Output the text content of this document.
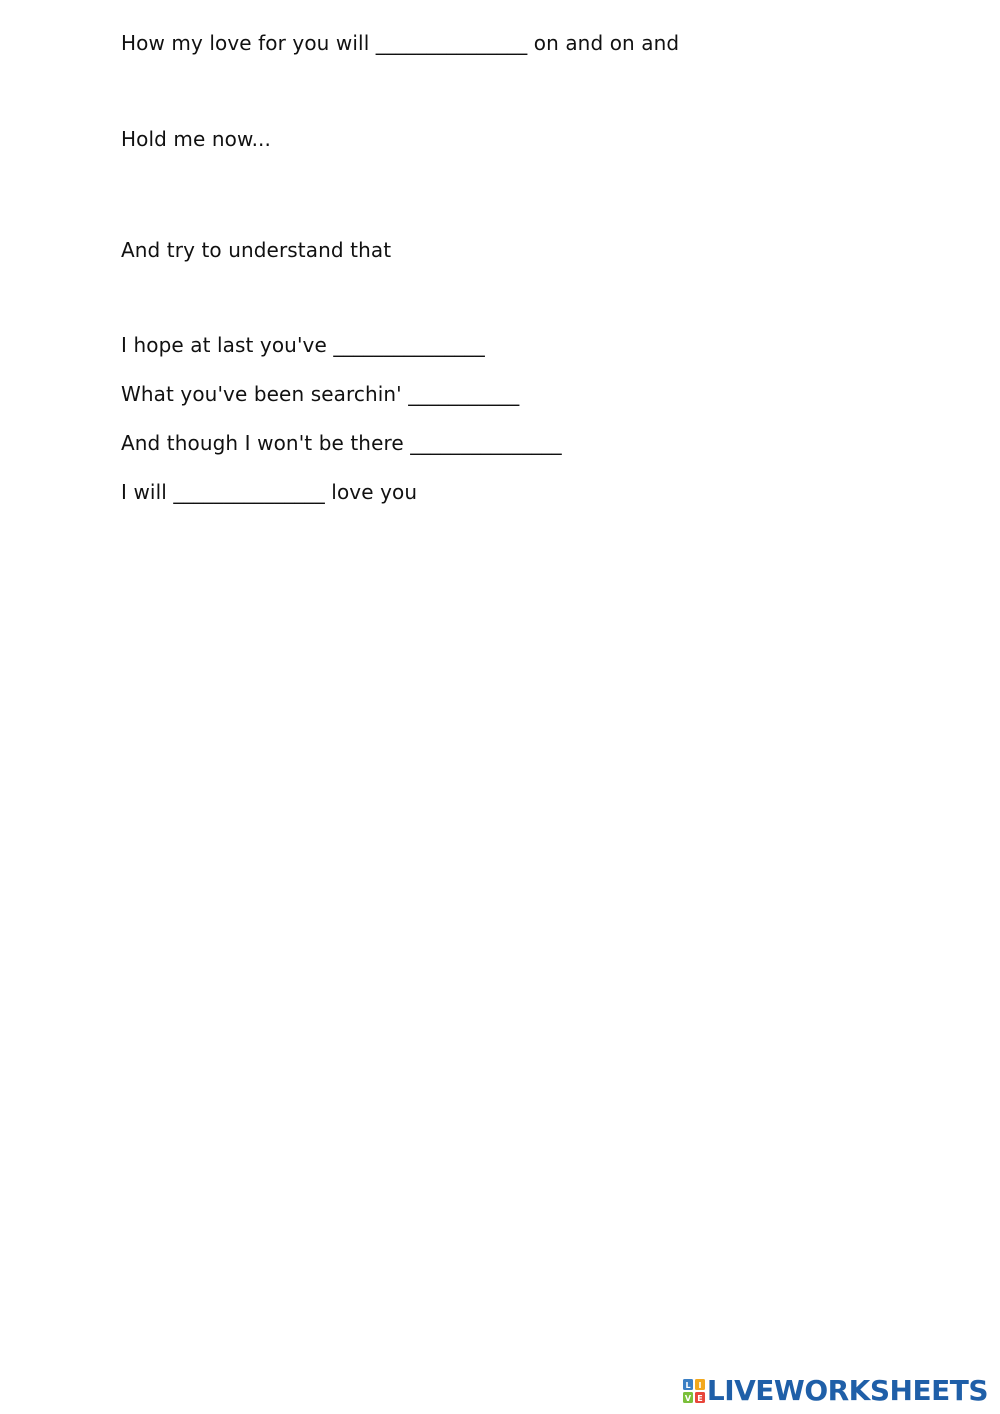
How my love for you will _______________ on and on and
Hold me now...
And try to understand that
I hope at last you've _______________
What you've been searchin' ___________
And though I won't be there _______________
I will _______________ love you
L I
V E LIVEWORKSHEETS
